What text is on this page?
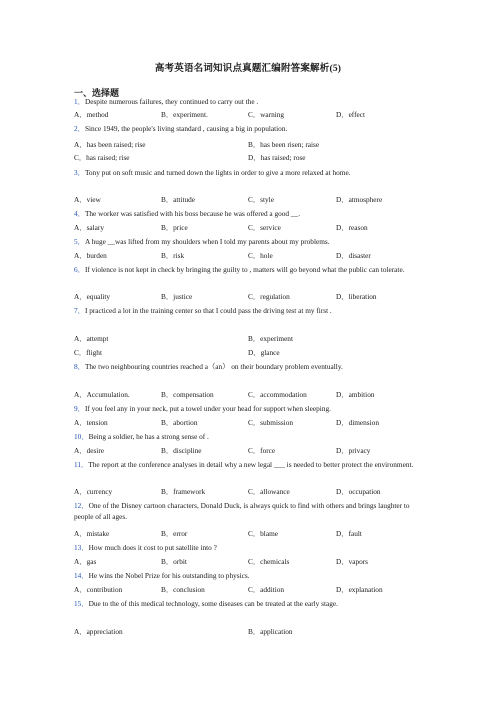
高考英语名词知识点真题汇编附答案解析(5)
一、选择题
1．Despite numerous failures, they continued to carry out the .
A．method	B．experiment.	C．warning	D．effect
2．Since 1949, the people's living standard , causing a big in population.
A．has been raised; rise	B．has been risen; raise
C．has raised; rise	D．has raised; rose
3．Tony put on soft music and turned down the lights in order to give a more relaxed at home.
A．view	B．attitude	C．style	D．atmosphere
4．The worker was satisfied with his boss because he was offered a good __.
A．salary	B．price	C．service	D．reason
5．A huge __was lifted from my shoulders when I told my parents about my problems.
A．burden	B．risk	C．hole	D．disaster
6．If violence is not kept in check by bringing the guilty to , matters will go beyond what the public can tolerate.
A．equality	B．justice	C．regulation	D．liberation
7．I practiced a lot in the training center so that I could pass the driving test at my first .
A．attempt	B．experiment
C．flight	D．glance
8．The two neighbouring countries reached a（an） on their boundary problem eventually.
A．Accumulation.	B．compensation	C．accommodation	D．ambition
9．If you feel any in your neck, put a towel under your head for support when sleeping.
A．tension	B．abortion	C．submission	D．dimension
10．Being a soldier, he has a strong sense of .
A．desire	B．discipline	C．force	D．privacy
11．The report at the conference analyses in detail why a new legal ___ is needed to better protect the environment.
A．currency	B．framework	C．allowance	D．occupation
12．One of the Disney cartoon characters, Donald Duck, is always quick to find with others and brings laughter to people of all ages.
A．mistake	B．error	C．blame	D．fault
13．How much does it cost to put satellite into ?
A．gas	B．orbit	C．chemicals	D．vapors
14．He wins the Nobel Prize for his outstanding to physics.
A．contribution	B．conclusion	C．addition	D．explanation
15．Due to the of this medical technology, some diseases can be treated at the early stage.
A．appreciation	B．application
